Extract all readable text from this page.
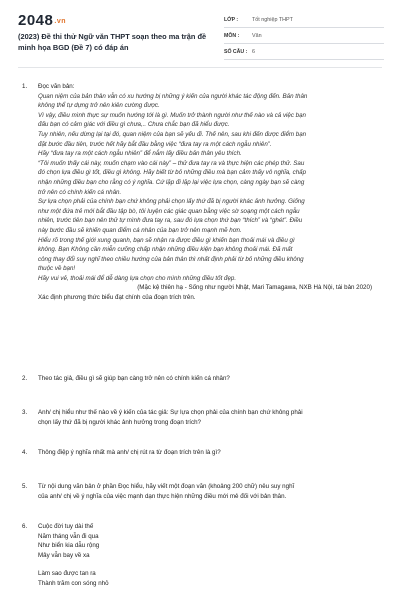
2048.vn
(2023) Đề thi thử Ngữ văn THPT soạn theo ma trận đề minh họa BGD (Đề 7) có đáp án
LỚP :	Tốt nghiệp THPT
MÔN :	Văn
SỐ CÂU : 6
1. Đọc văn bản:
Quan niệm của bản thân vẫn có xu hướng bị những ý kiến của người khác tác động đến. Bản thân
không thể tự dựng trở nên kiên cường được.
Vì vậy, điều mình thực sự muốn hướng tới là gì. Muốn trở thành người như thế nào và cả việc bạn
đấu bạn có cảm giác với điều gì chưa,.. Chưa chắc bạn đã hiểu được.
Tuy nhiên, nếu dừng lại tại đó, quan niệm của bạn sẽ yếu đi. Thế nên, sau khi đến được điểm bạn
đặt bước đầu tiên, trước hết hãy bắt đầu bằng việc “đưa tay ra một cách ngẫu nhiên”.
Hãy “đưa tay ra một cách ngẫu nhiên” để nắm lấy điều bản thân yêu thích.
“Tôi muốn thấy cái này, muốn chạm vào cái này” – thử đưa tay ra và thực hiện các phép thử. Sau
đó chọn lựa điều gì tốt, điều gì không. Hãy biết từ bỏ những điều mà bạn cảm thấy vô nghĩa, chấp
nhận những điều bạn cho rằng có ý nghĩa. Cứ lặp đi lặp lại việc lựa chọn, càng ngày bạn sẽ càng
trở nên có chính kiến cá nhân.
Sự lựa chọn phải của chính bạn chứ không phải chọn lấy thứ đã bị người khác ảnh hưởng. Giống
như một đứa trẻ mới bắt đầu tập bò, tôi luyện các giác quan bằng việc sờ soạng một cách ngẫu
nhiên, trước tiên bạn nên thử tự mình đưa tay ra, sau đó lựa chọn thứ bạn “thích” và “ghét”. Điều
này bước đầu sẽ khiến quan điểm cá nhân của bạn trở nên mạnh mẽ hơn.
Hiểu rõ trong thế giới xung quanh, bạn sẽ nhận ra được điều gì khiến bạn thoải mái và điều gì
không. Bạn Không cần miễn cưỡng chấp nhận những điều kiện bạn không thoải mái. Đã mất
công thay đổi suy nghĩ theo chiều hướng của bản thân thì nhất định phải từ bỏ những điều không
thuộc về bạn!
Hãy vui vẻ, thoải mái để dễ dàng lựa chọn cho mình những điều tốt đẹp.
(Mặc kệ thiên hạ - Sống như người Nhật, Mari Tamagawa, NXB Hà Nội, tái bản 2020)
Xác định phương thức biểu đạt chính của đoạn trích trên.
2. Theo tác giả, điều gì sẽ giúp bạn càng trở nên có chính kiến cá nhân?
3. Anh/ chị hiểu như thế nào về ý kiến của tác giả: Sự lựa chọn phải của chính bạn chứ không phải
chọn lấy thứ đã bị người khác ảnh hưởng trong đoạn trích?
4. Thông điệp ý nghĩa nhất mà anh/ chị rút ra từ đoạn trích trên là gì?
5. Từ nội dung văn bản ở phần Đọc hiểu, hãy viết một đoạn văn (khoảng 200 chữ) nêu suy nghĩ
của anh/ chị về ý nghĩa của việc mạnh dạn thực hiện những điều mới mẻ đối với bản thân.
6. Cuộc đời tuy dài thế
Năm tháng vẫn đi qua
Như biển kia dẫu rộng
Mây vẫn bay về xa
Làm sao được tan ra
Thành trăm con sóng nhỏ
